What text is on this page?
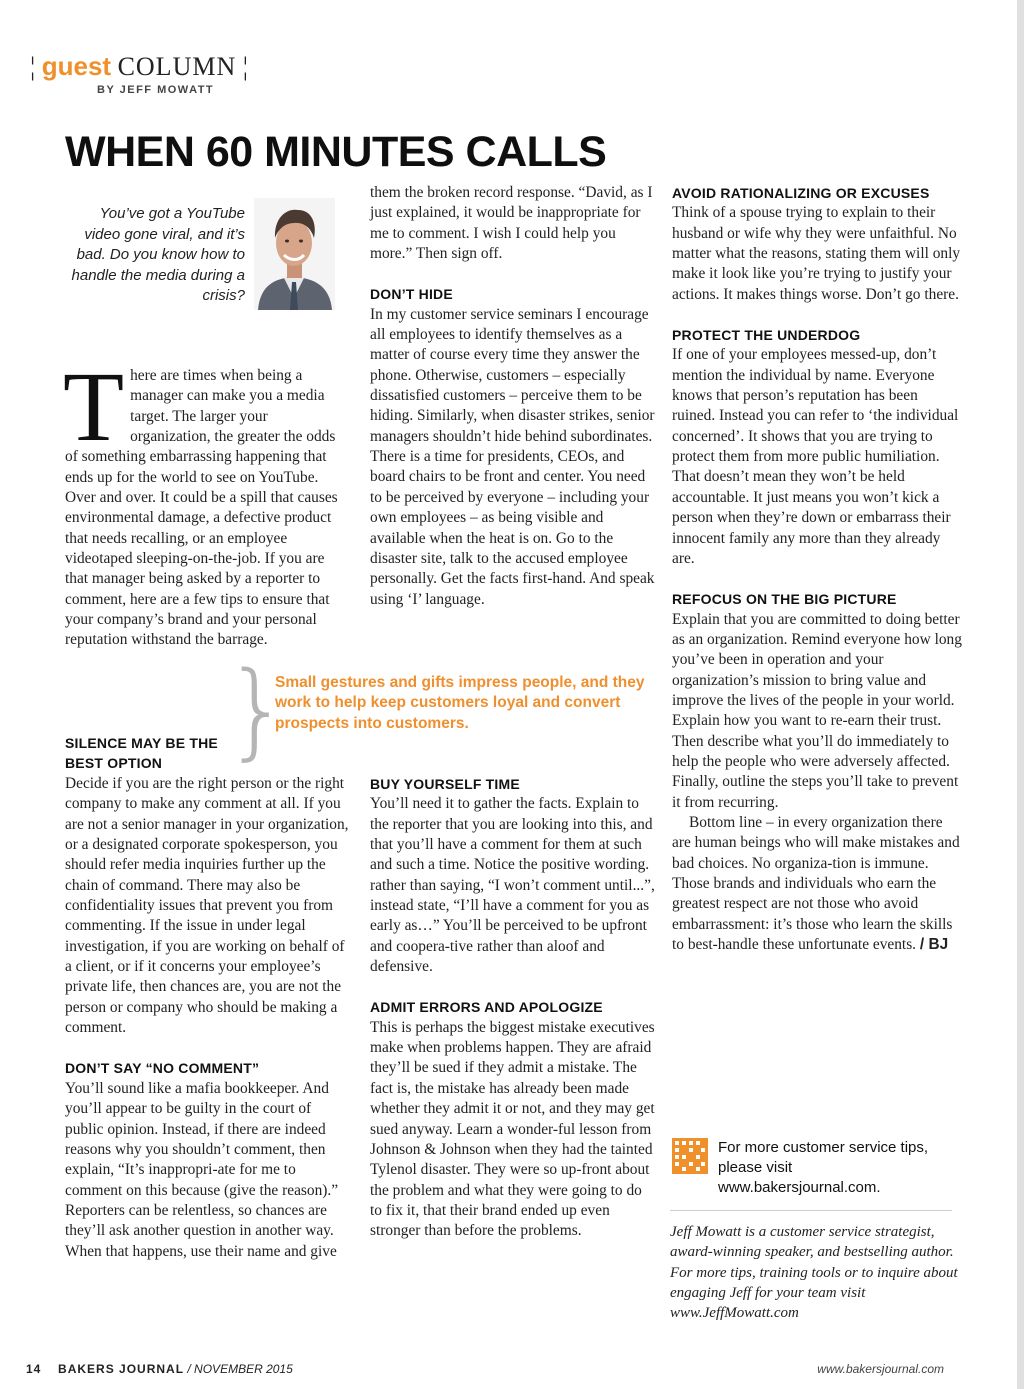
¦ guest COLUMN ¦
BY JEFF MOWATT
WHEN 60 MINUTES CALLS
You’ve got a YouTube video gone viral, and it’s bad. Do you know how to handle the media during a crisis?
T here are times when being a manager can make you a media target. The larger your organization, the greater the odds of something embarrassing happening that ends up for the world to see on YouTube. Over and over. It could be a spill that causes environmental damage, a defective product that needs recalling, or an employee videotaped sleeping-on-the-job. If you are that manager being asked by a reporter to comment, here are a few tips to ensure that your company’s brand and your personal reputation withstand the barrage.

SILENCE MAY BE THE BEST OPTION

Decide if you are the right person or the right company to make any comment at all. If you are not a senior manager in your organization, or a designated corporate spokesperson, you should refer media inquiries further up the chain of command. There may also be confidentiality issues that prevent you from commenting. If the issue in under legal investigation, if you are working on behalf of a client, or if it concerns your employee’s private life, then chances are, you are not the person or company who should be making a comment.

DON’T SAY “NO COMMENT”

You’ll sound like a mafia bookkeeper. And you’ll appear to be guilty in the court of public opinion. Instead, if there are indeed reasons why you shouldn’t comment, then explain, “It’s inappropri-ate for me to comment on this because (give the reason).” Reporters can be relentless, so chances are they’ll ask another question in another way. When that happens, use their name and give

them the broken record response. “David, as I just explained, it would be inappropriate for me to comment. I wish I could help you more.” Then sign off.

DON’T HIDE

In my customer service seminars I encourage all employees to identify themselves as a matter of course every time they answer the phone. Otherwise, customers – especially dissatisfied customers – perceive them to be hiding. Similarly, when disaster strikes, senior managers shouldn’t hide behind subordinates. There is a time for presidents, CEOs, and board chairs to be front and center. You need to be perceived by everyone – including your own employees – as being visible and available when the heat is on. Go to the disaster site, talk to the accused employee personally. Get the facts first-hand. And speak using ‘I’ language.

}
Small gestures and gifts impress people, and they work to help keep customers loyal and convert prospects into customers.
BUY YOURSELF TIME

You’ll need it to gather the facts. Explain to the reporter that you are looking into this, and that you’ll have a comment for them at such and such a time. Notice the positive wording. rather than saying, “I won’t comment until...”, instead state, “I’ll have a comment for you as early as…” You’ll be perceived to be upfront and coopera-tive rather than aloof and defensive.

ADMIT ERRORS AND APOLOGIZE

This is perhaps the biggest mistake executives make when problems happen. They are afraid they’ll be sued if they admit a mistake. The fact is, the mistake has already been made whether they admit it or not, and they may get sued anyway. Learn a wonder-ful lesson from Johnson & Johnson when they had the tainted Tylenol disaster. They were so up-front about the problem and what they were going to do to fix it, that their brand ended up even stronger than before the problems.

AVOID RATIONALIZING OR EXCUSES

Think of a spouse trying to explain to their husband or wife why they were unfaithful. No matter what the reasons, stating them will only make it look like you’re trying to justify your actions. It makes things worse. Don’t go there.

PROTECT THE UNDERDOG

If one of your employees messed-up, don’t mention the individual by name. Everyone knows that person’s reputation has been ruined. Instead you can refer to ‘the individual concerned’. It shows that you are trying to protect them from more public humiliation. That doesn’t mean they won’t be held accountable. It just means you won’t kick a person when they’re down or embarrass their innocent family any more than they already are.

REFOCUS ON THE BIG PICTURE

Explain that you are committed to doing better as an organization. Remind everyone how long you’ve been in operation and your organization’s mission to bring value and improve the lives of the people in your world. Explain how you want to re-earn their trust. Then describe what you’ll do immediately to help the people who were adversely affected. Finally, outline the steps you’ll take to prevent it from recurring.

Bottom line – in every organization there are human beings who will make mistakes and bad choices. No organiza-tion is immune. Those brands and individuals who earn the greatest respect are not those who avoid embarrassment: it’s those who learn the skills to best-handle these unfortunate events. / BJ

For more customer service tips, please visit www.bakersjournal.com.
Jeff Mowatt is a customer service strategist, award-winning speaker, and bestselling author. For more tips, training tools or to inquire about engaging Jeff for your team visit www.JeffMowatt.com
14 BAKERS JOURNAL / NOVEMBER 2015	www.bakersjournal.com
